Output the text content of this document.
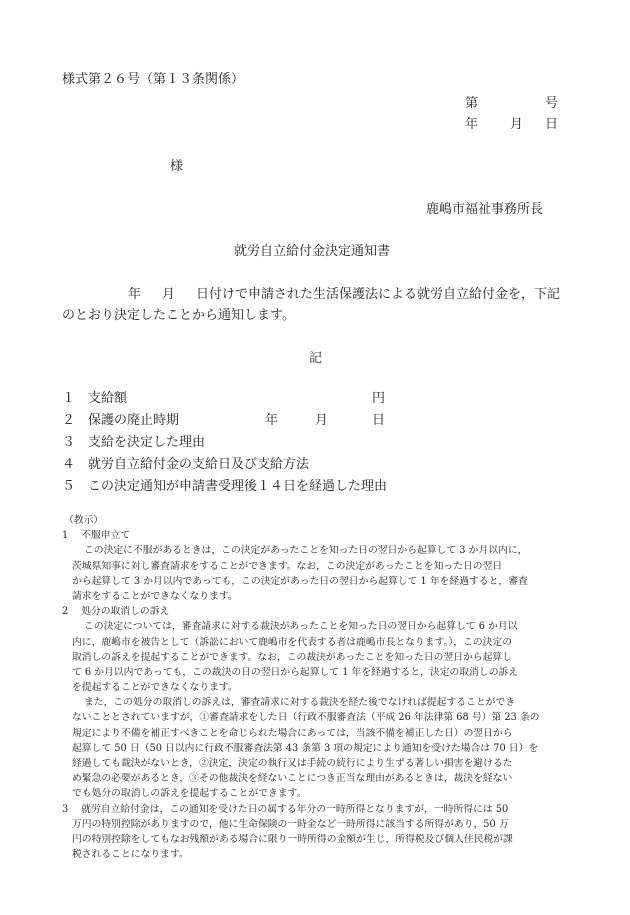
様式第２６号（第１３条関係）
第	号
年 月 日
様
鹿嶋市福祉事務所長
就労自立給付金決定通知書
年 月 日付けで申請された生活保護法による就労自立給付金を，下記
のとおり決定したことから通知します。
記
１ 支給額	円
２ 保護の廃止時期	年	月	日
３ 支給を決定した理由
４ 就労自立給付金の支給日及び支給方法
５ この決定通知が申請書受理後１４日を経過した理由
（教示）
1　 不服申立て
この決定に不服があるときは，この決定があったことを知った日の翌日から起算して 3 か月以内に，
茨城県知事に対し審査請求をすることができます。なお，この決定があったことを知った日の翌日
から起算して 3 か月以内であっても，この決定があった日の翌日から起算して 1 年を経過すると，審査
請求をすることができなくなります。
2　 処分の取消しの訴え
この決定については，審査請求に対する裁決があったことを知った日の翌日から起算して 6 か月以
内に，鹿嶋市を被告として（訴訟において鹿嶋市を代表する者は鹿嶋市長となります。），この決定の
取消しの訴えを提起することができます。なお，この裁決があったことを知った日の翌日から起算し
て 6 か月以内であっても，この裁決の日の翌日から起算して 1 年を経過すると，決定の取消しの訴え
を提起することができなくなります。
また，この処分の取消しの訴えは，審査請求に対する裁決を経た後でなければ提起することができ
ないこととされていますが，①審査請求をした日（行政不服審査法（平成 26 年法律第 68 号）第 23 条の
規定により不備を補正すべきことを命じられた場合にあっては，当該不備を補正した日）の翌日から
起算して 50 日（50 日以内に行政不服審査法第 43 条第 3 項の規定により通知を受けた場合は 70 日）を
経過しても裁決がないとき，②決定，決定の執行又は手続の続行により生ずる著しい損害を避けるた
め緊急の必要があるとき，③その他裁決を経ないことにつき正当な理由があるときは，裁決を経ない
でも処分の取消しの訴えを提起することができます。
3　 就労自立給付金は，この通知を受けた日の属する年分の一時所得となりますが，一時所得には 50
万円の特別控除がありますので，他に生命保険の一時金など一時所得に該当する所得があり，50 万
円の特別控除をしてもなお残額がある場合に限り一時所得の金額が生じ，所得税及び個人住民税が課
税されることになります。
